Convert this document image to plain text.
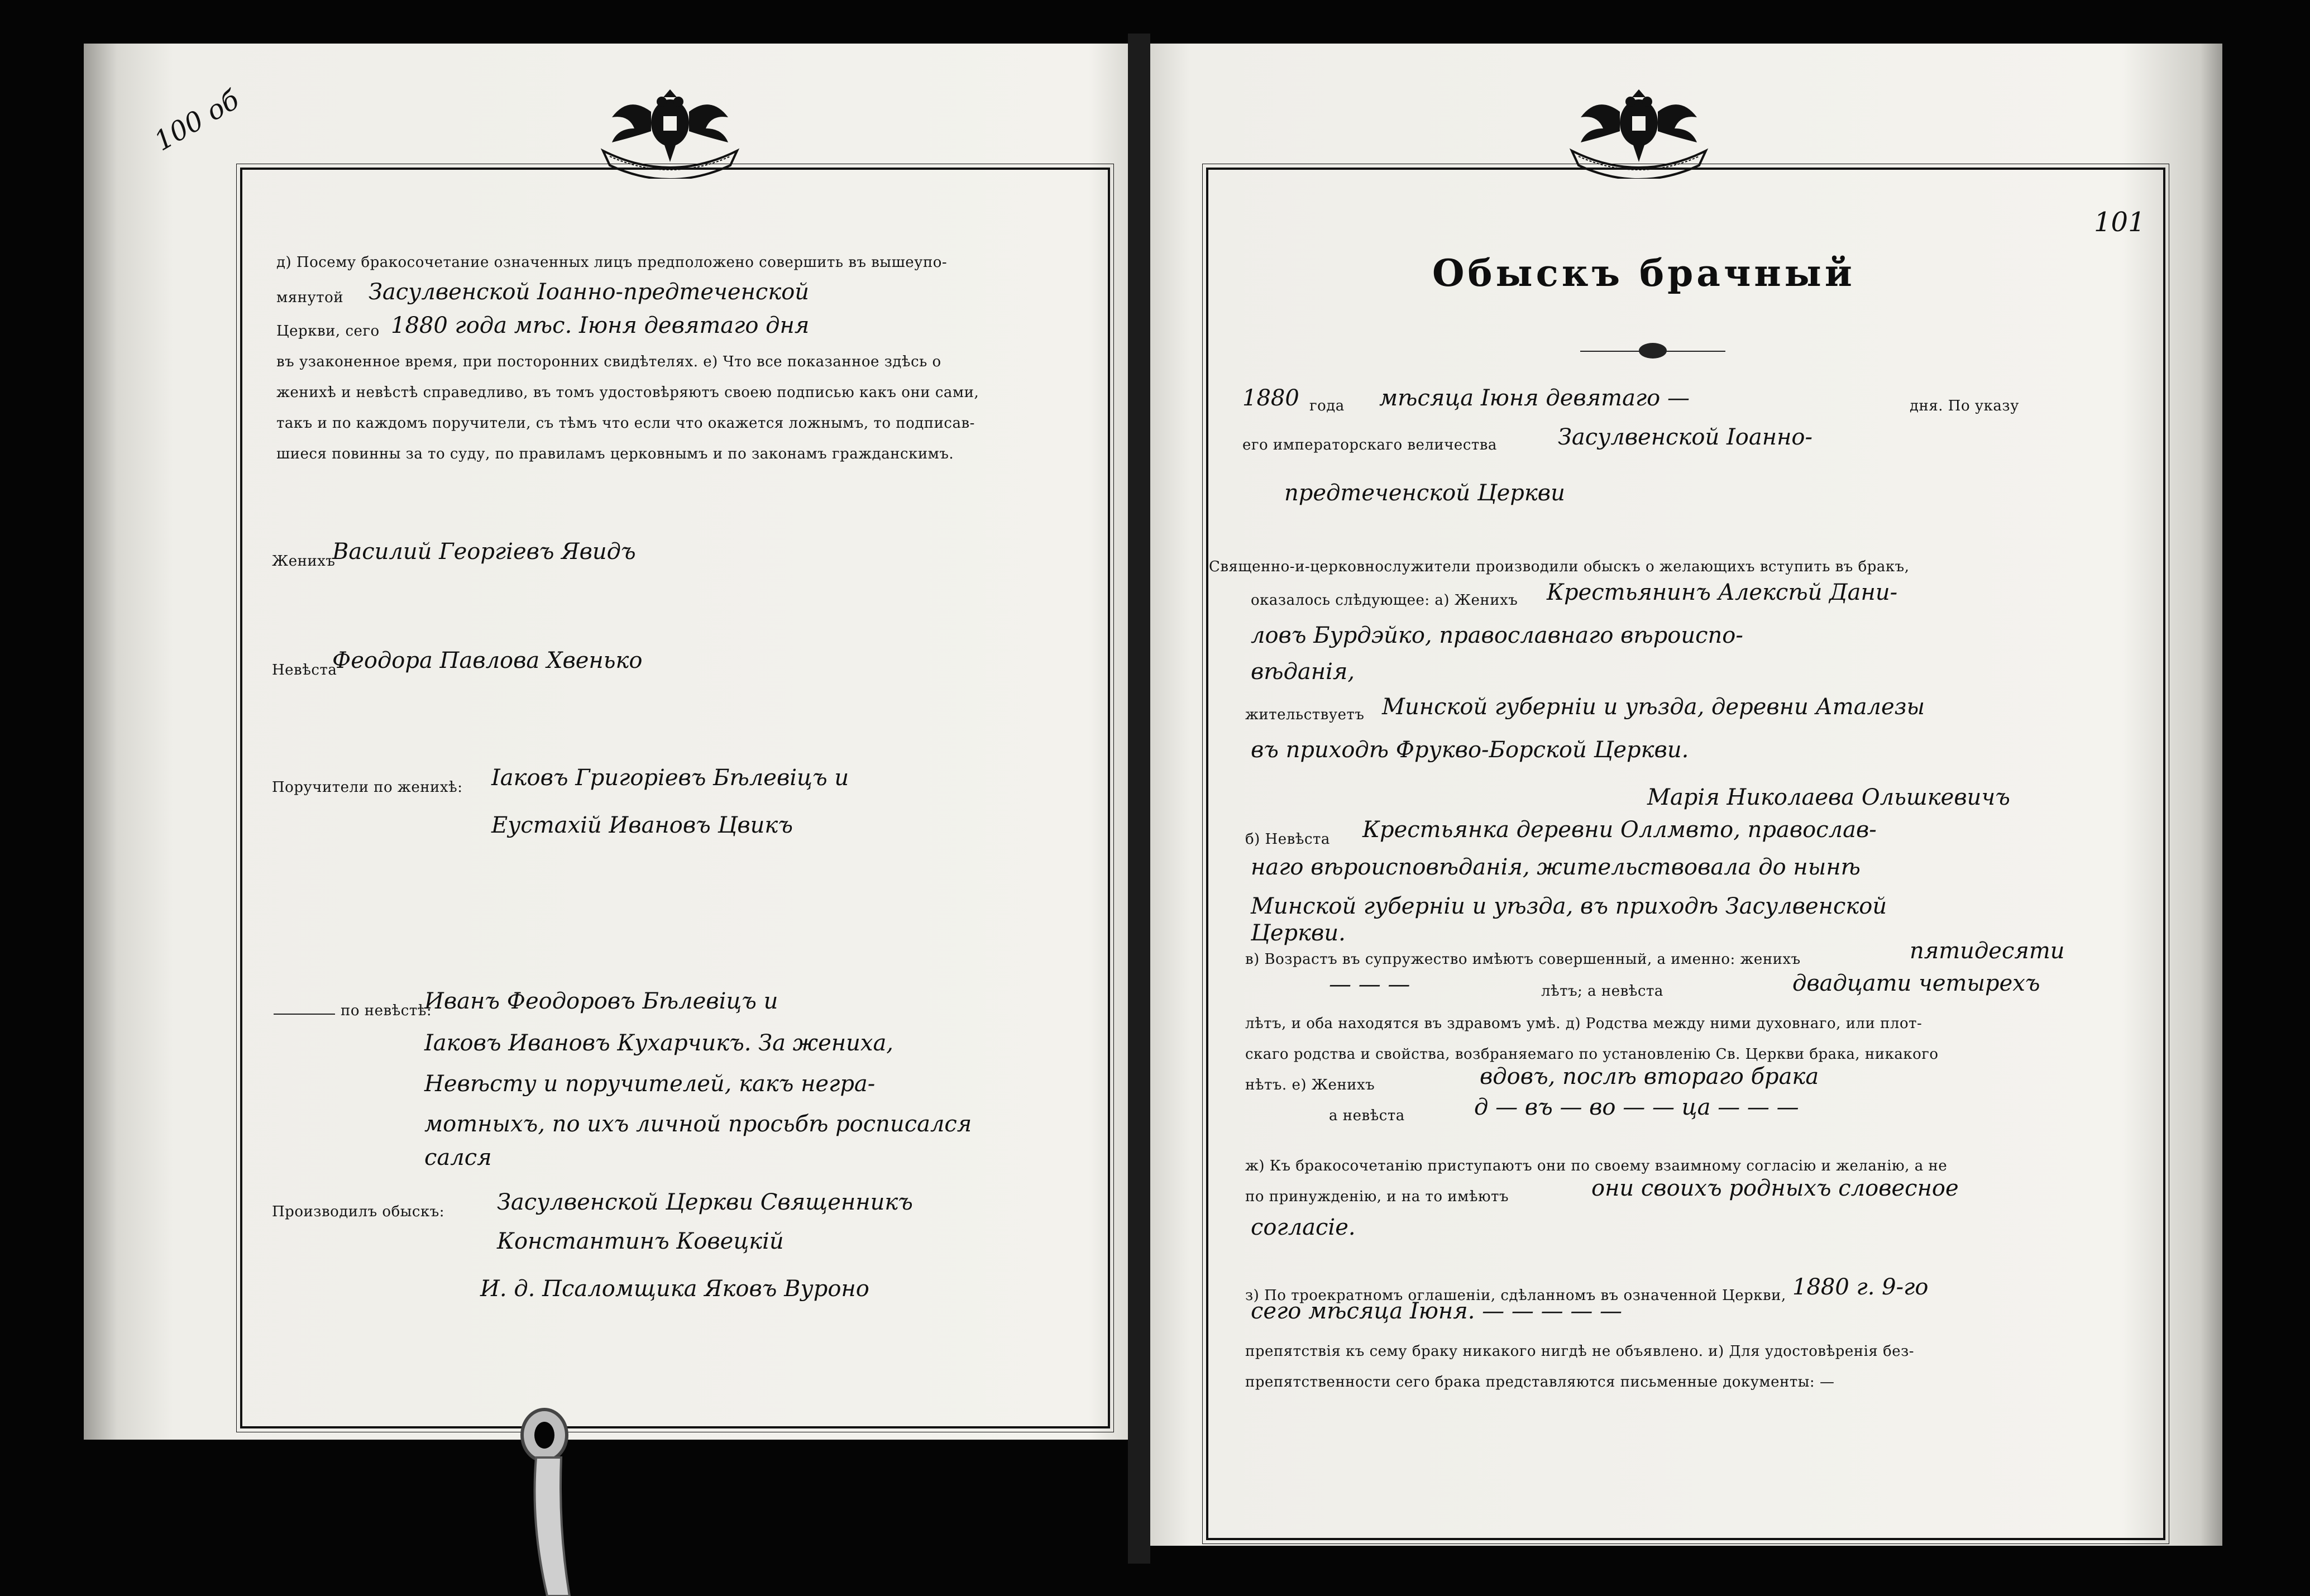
100 об
д) Посему бракосочетание означенных лицъ предположено совершить въ вышеупо-
мянутой Засулвенской Iоанно-предтеченской
Церкви, сего 1880 года мѣс. Iюня девятаго дня
въ узаконенное время, при посторонних свидѣтелях. е) Что все показанное здѣсь о
женихѣ и невѣстѣ справедливо, въ томъ удостовѣряютъ своею подписью какъ они сами,
такъ и по каждомъ поручители, съ тѣмъ что если что окажется ложнымъ, то подписав-
шиеся повинны за то суду, по правиламъ церковнымъ и по законамъ гражданскимъ.
Женихъ
Василий Георгiевъ Явидъ
Невѣста
Феодора Павлова Хвенько
Поручители по женихѣ: Iаковъ Григорiевъ Бѣлевiцъ и
Еустахiй Ивановъ Цвикъ
по невѣстѣ:
Иванъ Феодоровъ Бѣлевiцъ и
Iаковъ Ивановъ Кухарчикъ. За жениха,
Невѣсту и поручителей, какъ негра-
мотныхъ, по ихъ личной просьбѣ росписался
сался
Производилъ обыскъ: Засулвенской Церкви Священникъ
Константинъ Ковецкiй
И. д. Псаломщика Яковъ Вуроно
101
Обыскъ брачный
1880 года мѣсяца Iюня девятаго —	дня. По указу
его императорскаго величества	Засулвенской Iоанно-
предтеченской Церкви
Священно-и-церковнослужители производили обыскъ о желающихъ вступить въ бракъ,
оказалось слѣдующее: а) Женихъ Крестьянинъ Алексѣй Дани-
ловъ Бурдэйко, православнаго вѣроиспо-
вѣданiя,
жительствуетъ Минской губернiи и уѣзда, деревни Аталезы
въ приходѣ Фрукво-Борской Церкви.
Марiя Николаева Ольшкевичъ
б) Невѣста Крестьянка деревни Оллмвто, православ-
наго вѣроисповѣданiя, жительствовала до нынѣ
Минской губернiи и уѣзда, въ приходѣ Засулвенской
Церкви.
в) Возрастъ въ супружество имѣютъ совершенный, а именно: женихъ	пятидесяти
— — —	лѣтъ; а невѣста	двадцати четырехъ
лѣтъ, и оба находятся въ здравомъ умѣ. д) Родства между ними духовнаго, или плот-
скаго родства и свойства, возбраняемаго по установленiю Св. Церкви брака, никакого
нѣтъ. е) Женихъ	вдовъ, послѣ втораго брака
а невѣста	д — въ — во — — ца — — —
ж) Къ бракосочетанiю приступаютъ они по своему взаимному согласiю и желанiю, а не
по принужденiю, и на то имѣютъ	они своихъ родныхъ словесное
согласiе.
з) По троекратномъ оглашенiи, сдѣланномъ въ означенной Церкви, 1880 г. 9-го
сего мѣсяца Iюня. — — — — —
препятствiя къ сему браку никакого нигдѣ не объявлено. и) Для удостовѣренiя без-
препятственности сего брака представляются письменные документы: —
